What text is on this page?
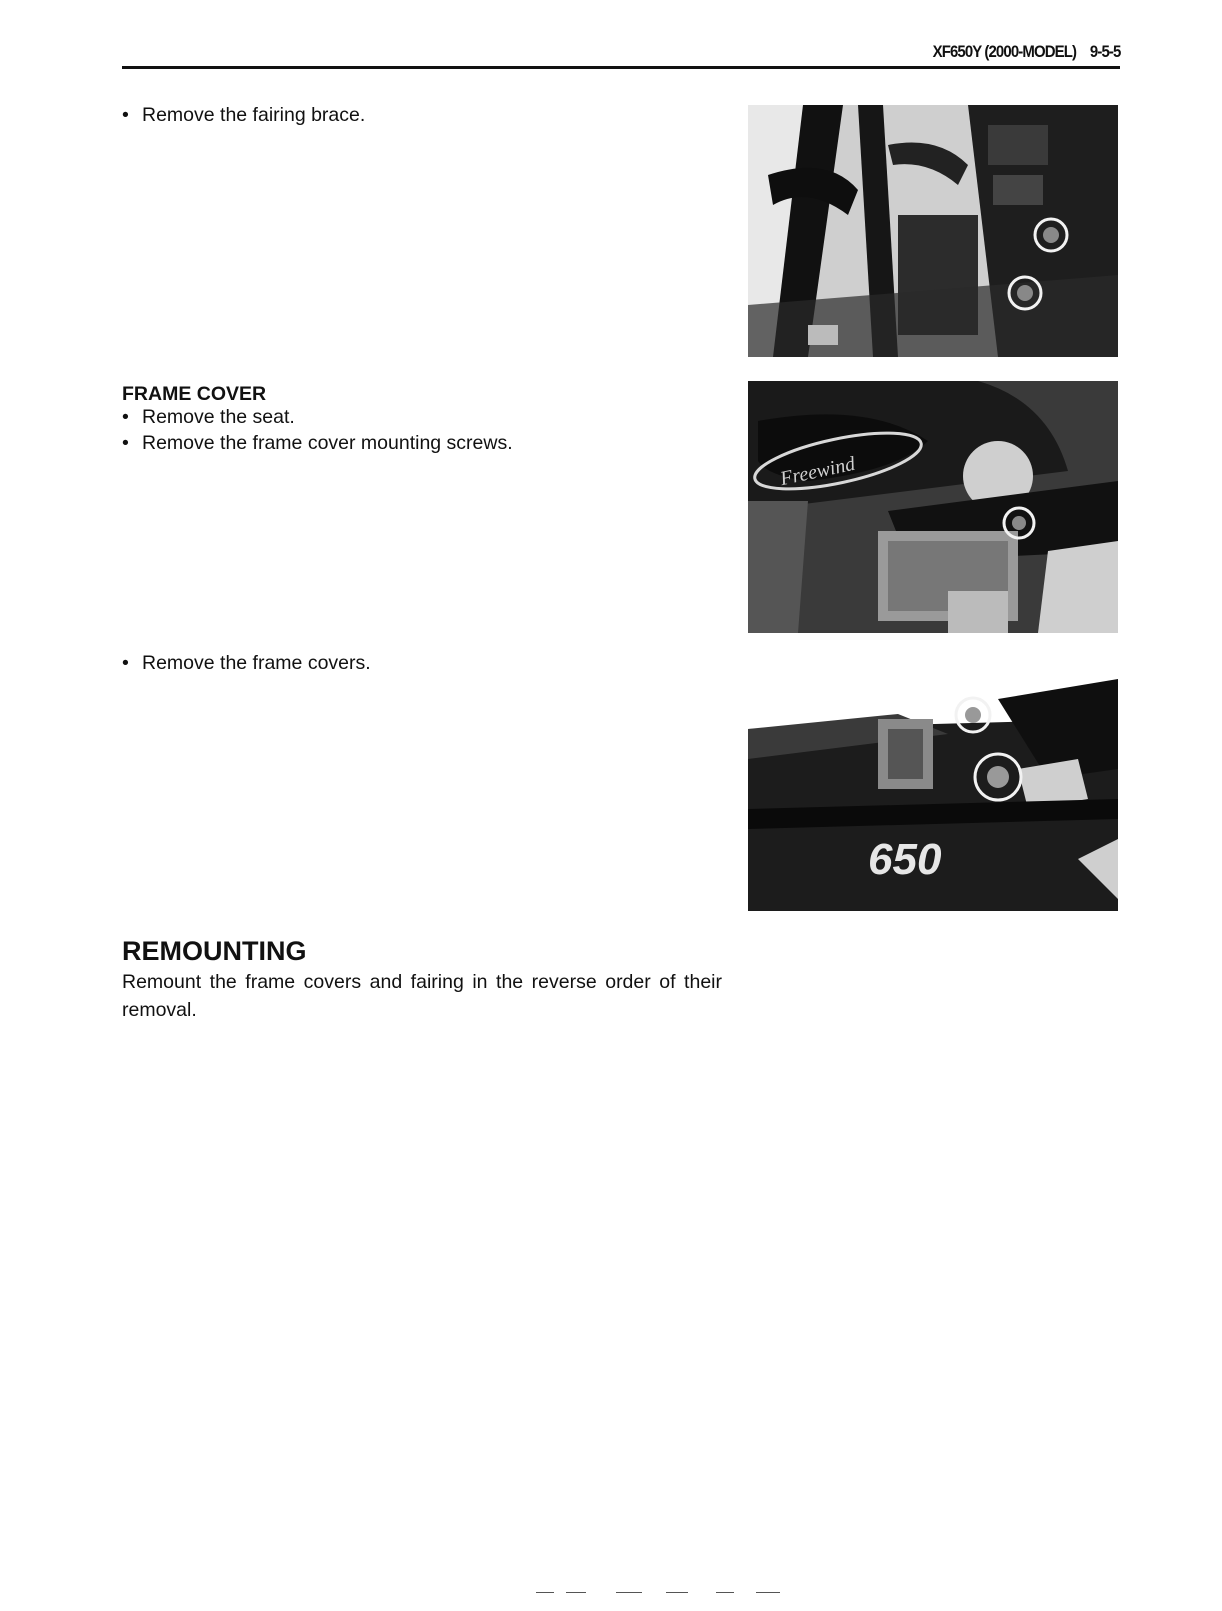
XF650Y (2000-MODEL) 9-5-5
• Remove the fairing brace.
FRAME COVER
• Remove the seat.
• Remove the frame cover mounting screws.
• Remove the frame covers.
REMOUNTING
Remount the frame covers and fairing in the reverse order of their removal.
Freewind
650
